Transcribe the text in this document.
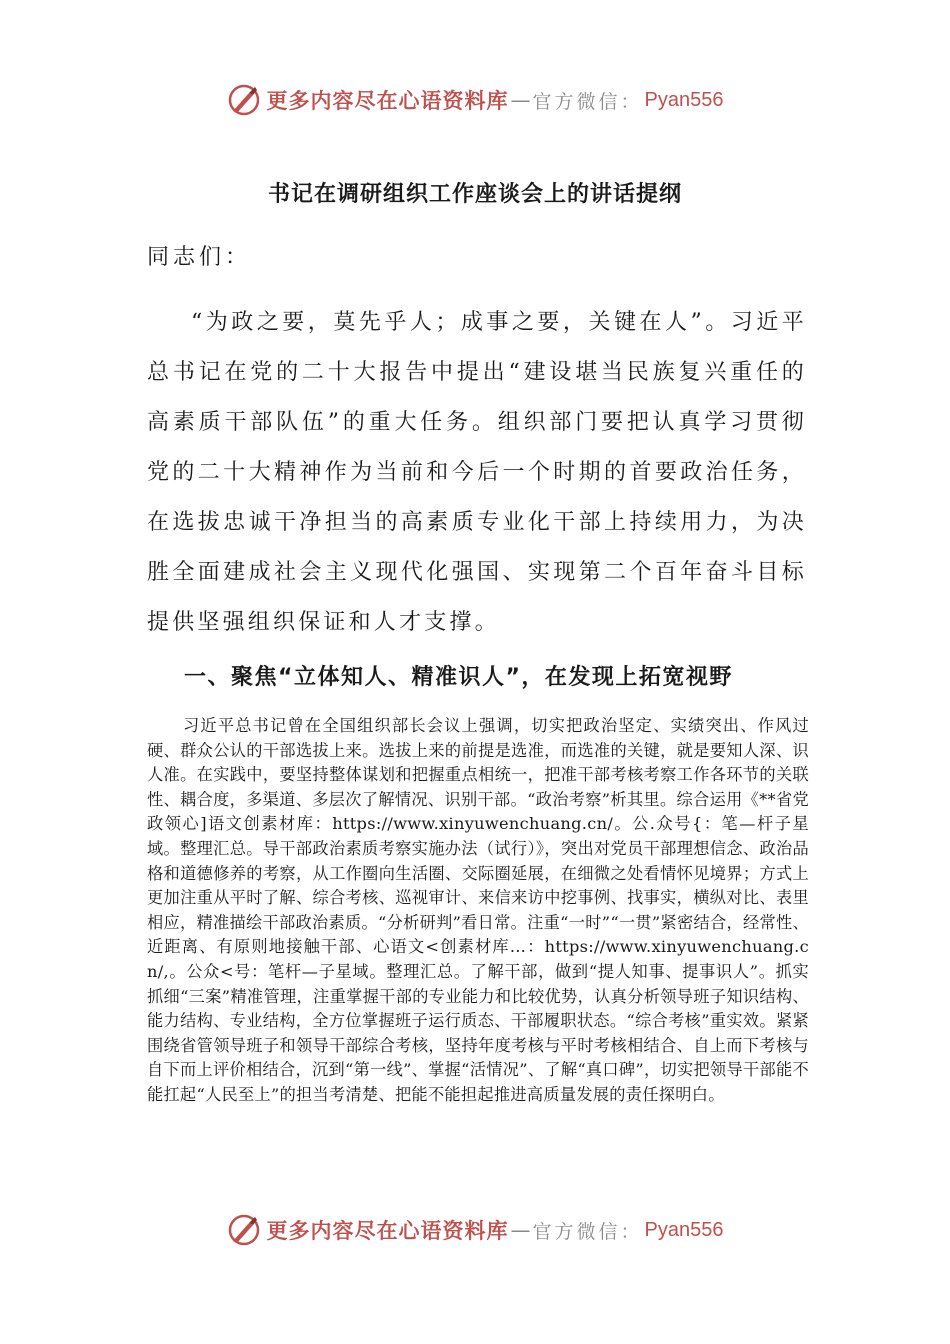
更多内容尽在心语资料库 — 官方微信： Pyan556
书记在调研组织工作座谈会上的讲话提纲
同志们：

“为政之要，莫先乎人；成事之要，关键在人”。习近平总书记在党的二十大报告中提出“建设堪当民族复兴重任的高素质干部队伍”的重大任务。组织部门要把认真学习贯彻党的二十大精神作为当前和今后一个时期的首要政治任务，在选拔忠诚干净担当的高素质专业化干部上持续用力，为决胜全面建成社会主义现代化强国、实现第二个百年奋斗目标提供坚强组织保证和人才支撑。

一、聚焦“立体知人、精准识人”，在发现上拓宽视野

习近平总书记曾在全国组织部长会议上强调，切实把政治坚定、实绩突出、作风过硬、群众公认的干部选拔上来。选拔上来的前提是选准，而选准的关键，就是要知人深、识人准。在实践中，要坚持整体谋划和把握重点相统一，把准干部考核考察工作各环节的关联性、耦合度，多渠道、多层次了解情况、识别干部。“政治考察”析其里。综合运用《**省党政领心]语文创素材库：https://www.xinyuwenchuang.cn/。公.众号{：笔—杆子星域。整理汇总。导干部政治素质考察实施办法（试行）》，突出对党员干部理想信念、政治品格和道德修养的考察，从工作圈向生活圈、交际圈延展，在细微之处看情怀见境界；方式上更加注重从平时了解、综合考核、巡视审计、来信来访中挖事例、找事实，横纵对比、表里相应，精准描绘干部政治素质。“分析研判”看日常。注重“一时”“一贯”紧密结合，经常性、近距离、有原则地接触干部、心语文<创素材库…：https://www.xinyuwenchuang.cn/,。公众<号：笔杆—子星域。整理汇总。了解干部，做到“提人知事、提事识人”。抓实抓细“三案”精准管理，注重掌握干部的专业能力和比较优势，认真分析领导班子知识结构、能力结构、专业结构，全方位掌握班子运行质态、干部履职状态。“综合考核”重实效。紧紧围绕省管领导班子和领导干部综合考核，坚持年度考核与平时考核相结合、自上而下考核与自下而上评价相结合，沉到“第一线”、掌握“活情况”、了解“真口碑”，切实把领导干部能不能扛起“人民至上”的担当考清楚、把能不能担起推进高质量发展的责任探明白。

更多内容尽在心语资料库 — 官方微信： Pyan556
